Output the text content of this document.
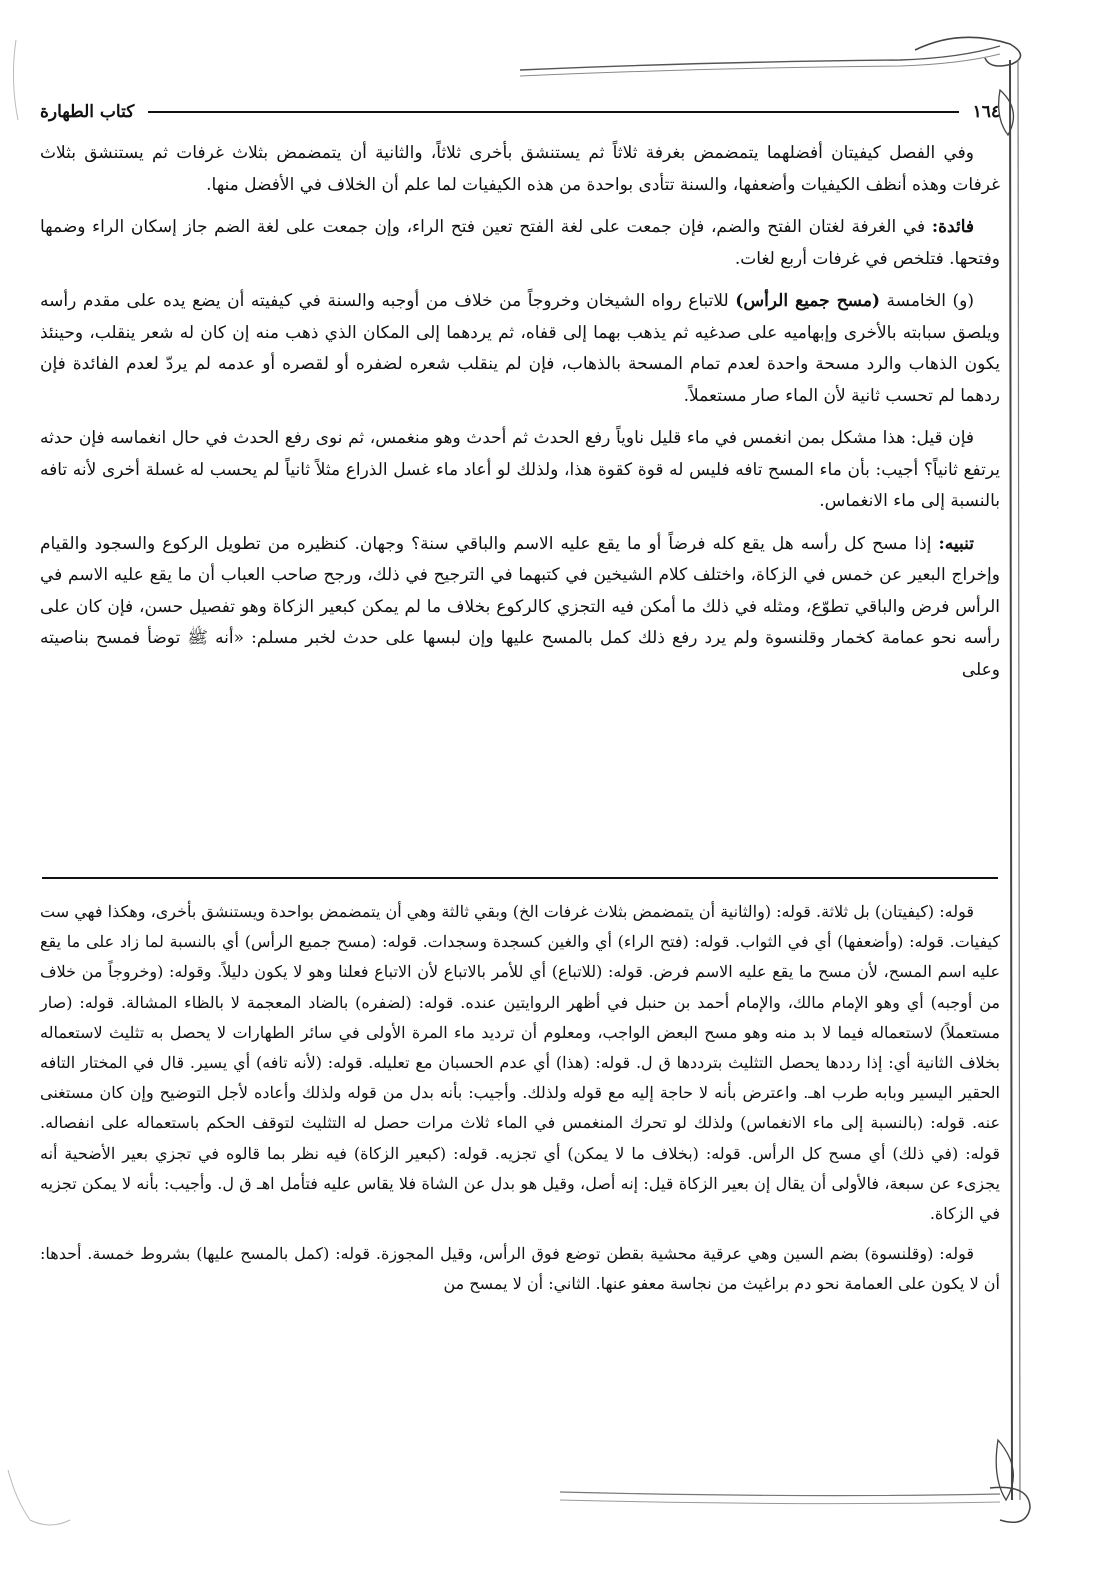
١٦٤
كتاب الطهارة

وفي الفصل كيفيتان أفضلهما يتمضمض بغرفة ثلاثاً ثم يستنشق بأخرى ثلاثاً، والثانية أن يتمضمض بثلاث غرفات ثم يستنشق بثلاث غرفات وهذه أنظف الكيفيات وأضعفها، والسنة تتأدى بواحدة من هذه الكيفيات لما علم أن الخلاف في الأفضل منها.

فائدة: في الغرفة لغتان الفتح والضم، فإن جمعت على لغة الفتح تعين فتح الراء، وإن جمعت على لغة الضم جاز إسكان الراء وضمها وفتحها. فتلخص في غرفات أربع لغات.

(و) الخامسة (مسح جميع الرأس) للاتباع رواه الشيخان وخروجاً من خلاف من أوجبه والسنة في كيفيته أن يضع يده على مقدم رأسه ويلصق سبابته بالأخرى وإبهاميه على صدغيه ثم يذهب بهما إلى قفاه، ثم يردهما إلى المكان الذي ذهب منه إن كان له شعر ينقلب، وحينئذ يكون الذهاب والرد مسحة واحدة لعدم تمام المسحة بالذهاب، فإن لم ينقلب شعره لضفره أو لقصره أو عدمه لم يردّ لعدم الفائدة فإن ردهما لم تحسب ثانية لأن الماء صار مستعملاً.

فإن قيل: هذا مشكل بمن انغمس في ماء قليل ناوياً رفع الحدث ثم أحدث وهو منغمس، ثم نوى رفع الحدث في حال انغماسه فإن حدثه يرتفع ثانياً؟ أجيب: بأن ماء المسح تافه فليس له قوة كقوة هذا، ولذلك لو أعاد ماء غسل الذراع مثلاً ثانياً لم يحسب له غسلة أخرى لأنه تافه بالنسبة إلى ماء الانغماس.

تنبيه: إذا مسح كل رأسه هل يقع كله فرضاً أو ما يقع عليه الاسم والباقي سنة؟ وجهان. كنظيره من تطويل الركوع والسجود والقيام وإخراج البعير عن خمس في الزكاة، واختلف كلام الشيخين في كتبهما في الترجيح في ذلك، ورجح صاحب العباب أن ما يقع عليه الاسم في الرأس فرض والباقي تطوّع، ومثله في ذلك ما أمكن فيه التجزي كالركوع بخلاف ما لم يمكن كبعير الزكاة وهو تفصيل حسن، فإن كان على رأسه نحو عمامة كخمار وقلنسوة ولم يرد رفع ذلك كمل بالمسح عليها وإن لبسها على حدث لخبر مسلم: «أنه ﷺ توضأ فمسح بناصيته وعلى

قوله: (كيفيتان) بل ثلاثة. قوله: (والثانية أن يتمضمض بثلاث غرفات الخ) وبقي ثالثة وهي أن يتمضمض بواحدة ويستنشق بأخرى، وهكذا فهي ست كيفيات. قوله: (وأضعفها) أي في الثواب. قوله: (فتح الراء) أي والغين كسجدة وسجدات. قوله: (مسح جميع الرأس) أي بالنسبة لما زاد على ما يقع عليه اسم المسح، لأن مسح ما يقع عليه الاسم فرض. قوله: (للاتباع) أي للأمر بالاتباع لأن الاتباع فعلنا وهو لا يكون دليلاً. وقوله: (وخروجاً من خلاف من أوجبه) أي وهو الإمام مالك، والإمام أحمد بن حنبل في أظهر الروايتين عنده. قوله: (لضفره) بالضاد المعجمة لا بالظاء المشالة. قوله: (صار مستعملاً) لاستعماله فيما لا بد منه وهو مسح البعض الواجب، ومعلوم أن ترديد ماء المرة الأولى في سائر الطهارات لا يحصل به تثليث لاستعماله بخلاف الثانية أي: إذا رددها يحصل التثليث بترددها ق ل. قوله: (هذا) أي عدم الحسبان مع تعليله. قوله: (لأنه تافه) أي يسير. قال في المختار التافه الحقير اليسير وبابه طرب اهـ. واعترض بأنه لا حاجة إليه مع قوله ولذلك. وأجيب: بأنه بدل من قوله ولذلك وأعاده لأجل التوضيح وإن كان مستغنى عنه. قوله: (بالنسبة إلى ماء الانغماس) ولذلك لو تحرك المنغمس في الماء ثلاث مرات حصل له التثليث لتوقف الحكم باستعماله على انفصاله. قوله: (في ذلك) أي مسح كل الرأس. قوله: (بخلاف ما لا يمكن) أي تجزيه. قوله: (كبعير الزكاة) فيه نظر بما قالوه في تجزي بعير الأضحية أنه يجزىء عن سبعة، فالأولى أن يقال إن بعير الزكاة قيل: إنه أصل، وقيل هو بدل عن الشاة فلا يقاس عليه فتأمل اهـ ق ل. وأجيب: بأنه لا يمكن تجزيه في الزكاة.

قوله: (وقلنسوة) بضم السين وهي عرقية محشية بقطن توضع فوق الرأس، وقيل المجوزة. قوله: (كمل بالمسح عليها) بشروط خمسة. أحدها: أن لا يكون على العمامة نحو دم براغيث من نجاسة معفو عنها. الثاني: أن لا يمسح من
